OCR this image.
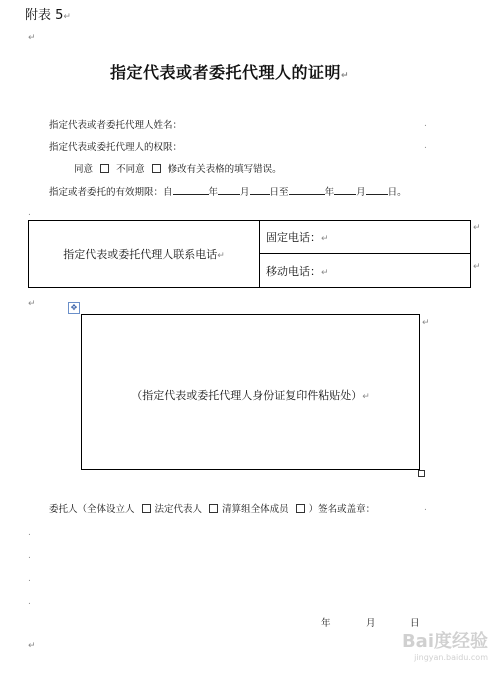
附表 5↵
↵
指定代表或者委托代理人的证明↵
指定代表或者委托代理人姓名：	.
指定代表或委托代理人的权限：	.
同意 不同意 修改有关表格的填写错误。
指定或者委托的有效期限：自	年 月 日至	年 月 日。
.
指定代表或委托代理人联系电话↵	固定电话：↵
移动电话：↵
↵
↵
↵	✥
（指定代表或委托代理人身份证复印件粘贴处）↵
↵
委托人（全体设立人 法定代表人 清算组全体成员 ）签名或盖章：	.
.
.
.
.
年	月	日
↵	Bai度经验
jingyan.baidu.com
